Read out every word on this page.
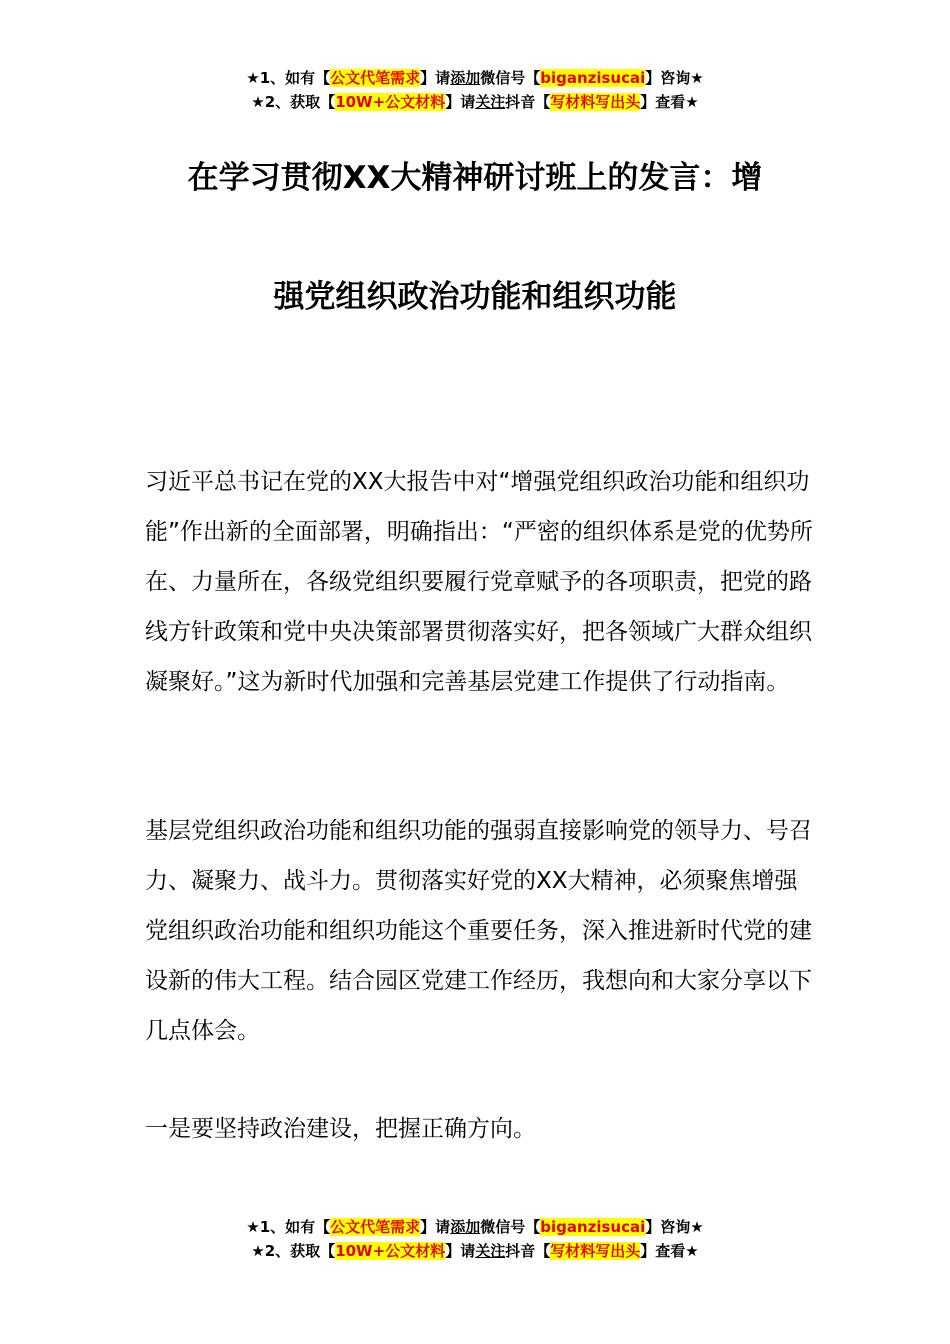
★1、如有【公文代笔需求】请添加微信号【biganzisucai】咨询★
★2、获取【10W+公文材料】请关注抖音【写材料写出头】查看★
在学习贯彻XX大精神研讨班上的发言：增
强党组织政治功能和组织功能

习近平总书记在党的XX大报告中对“增强党组织政治功能和组织功能”作出新的全面部署，明确指出：“严密的组织体系是党的优势所在、力量所在，各级党组织要履行党章赋予的各项职责，把党的路线方针政策和党中央决策部署贯彻落实好，把各领域广大群众组织凝聚好。”这为新时代加强和完善基层党建工作提供了行动指南。

基层党组织政治功能和组织功能的强弱直接影响党的领导力、号召力、凝聚力、战斗力。贯彻落实好党的XX大精神，必须聚焦增强党组织政治功能和组织功能这个重要任务，深入推进新时代党的建设新的伟大工程。结合园区党建工作经历，我想向和大家分享以下几点体会。

一是要坚持政治建设，把握正确方向。

★1、如有【公文代笔需求】请添加微信号【biganzisucai】咨询★
★2、获取【10W+公文材料】请关注抖音【写材料写出头】查看★
